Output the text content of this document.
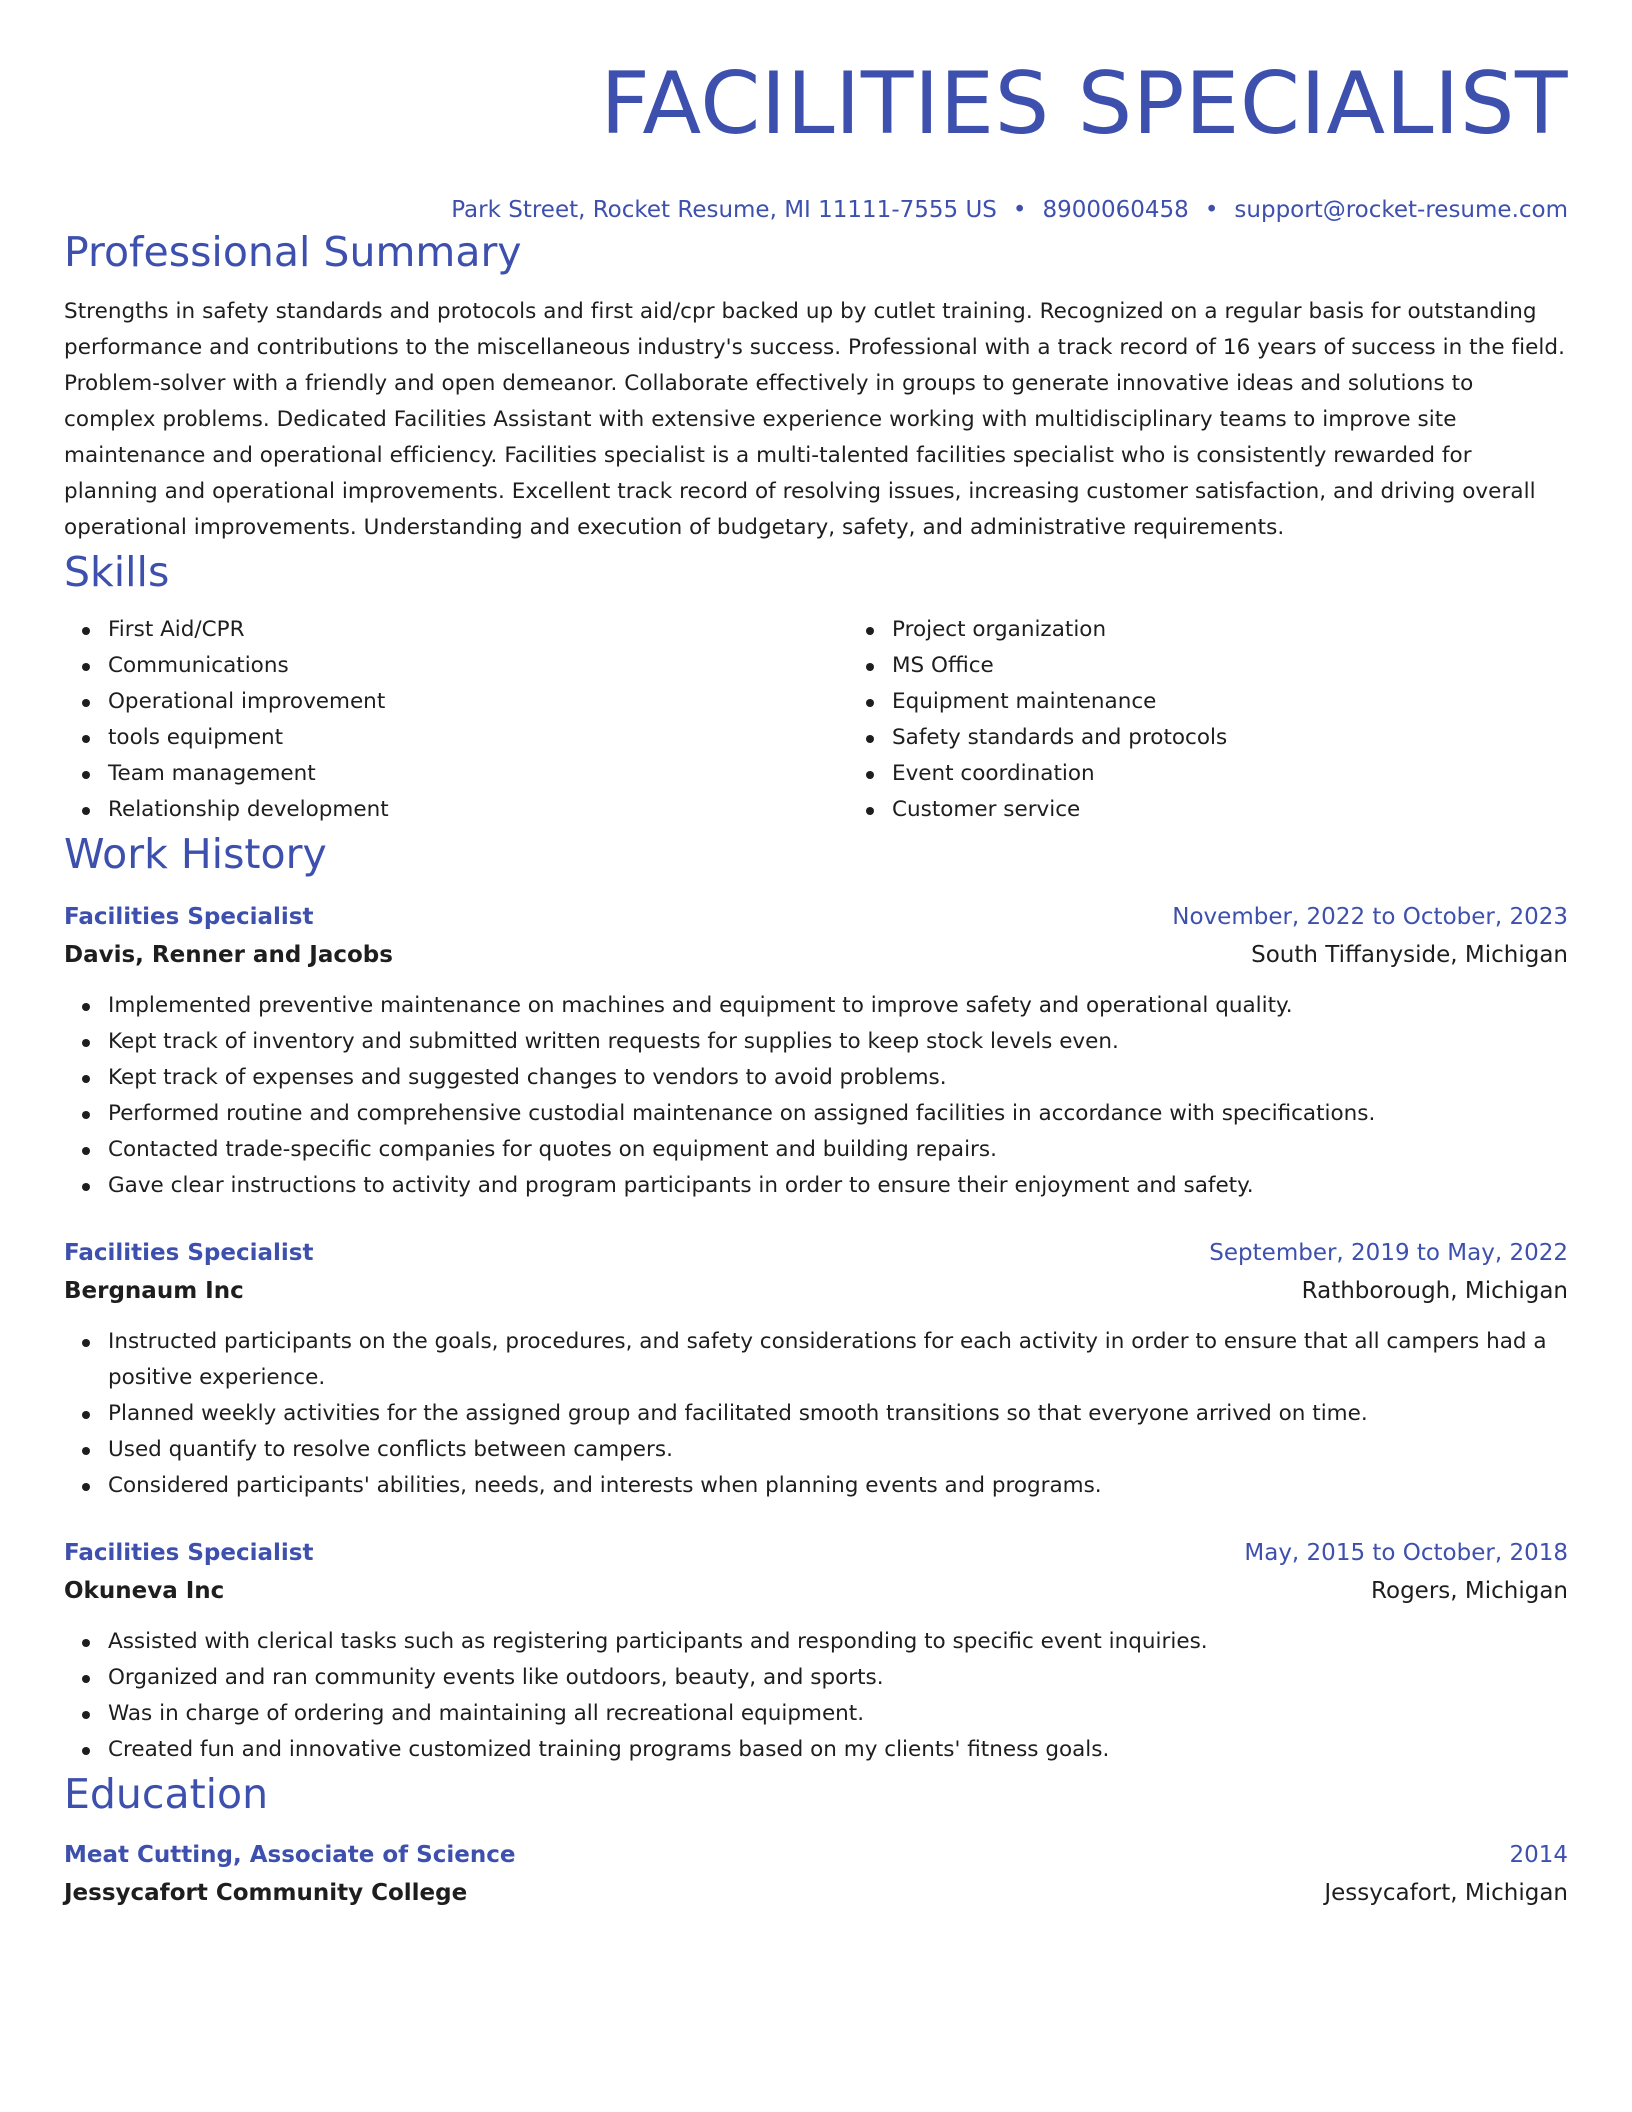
FACILITIES SPECIALIST
Park Street, Rocket Resume, MI 11111-7555 US • 8900060458 • support@rocket-resume.com
Professional Summary
Strengths in safety standards and protocols and first aid/cpr backed up by cutlet training. Recognized on a regular basis for outstanding performance and contributions to the miscellaneous industry's success. Professional with a track record of 16 years of success in the field. Problem-solver with a friendly and open demeanor. Collaborate effectively in groups to generate innovative ideas and solutions to complex problems. Dedicated Facilities Assistant with extensive experience working with multidisciplinary teams to improve site maintenance and operational efficiency. Facilities specialist is a multi-talented facilities specialist who is consistently rewarded for planning and operational improvements. Excellent track record of resolving issues, increasing customer satisfaction, and driving overall operational improvements. Understanding and execution of budgetary, safety, and administrative requirements.
Skills
First Aid/CPR
Communications
Operational improvement
tools equipment
Team management
Relationship development
Project organization
MS Office
Equipment maintenance
Safety standards and protocols
Event coordination
Customer service
Work History
Facilities Specialist	November, 2022 to October, 2023
Davis, Renner and Jacobs	South Tiffanyside, Michigan
Implemented preventive maintenance on machines and equipment to improve safety and operational quality.
Kept track of inventory and submitted written requests for supplies to keep stock levels even.
Kept track of expenses and suggested changes to vendors to avoid problems.
Performed routine and comprehensive custodial maintenance on assigned facilities in accordance with specifications.
Contacted trade-specific companies for quotes on equipment and building repairs.
Gave clear instructions to activity and program participants in order to ensure their enjoyment and safety.
Facilities Specialist	September, 2019 to May, 2022
Bergnaum Inc	Rathborough, Michigan
Instructed participants on the goals, procedures, and safety considerations for each activity in order to ensure that all campers had a positive experience.
Planned weekly activities for the assigned group and facilitated smooth transitions so that everyone arrived on time.
Used quantify to resolve conflicts between campers.
Considered participants' abilities, needs, and interests when planning events and programs.
Facilities Specialist	May, 2015 to October, 2018
Okuneva Inc	Rogers, Michigan
Assisted with clerical tasks such as registering participants and responding to specific event inquiries.
Organized and ran community events like outdoors, beauty, and sports.
Was in charge of ordering and maintaining all recreational equipment.
Created fun and innovative customized training programs based on my clients' fitness goals.
Education
Meat Cutting, Associate of Science	2014
Jessycafort Community College	Jessycafort, Michigan
